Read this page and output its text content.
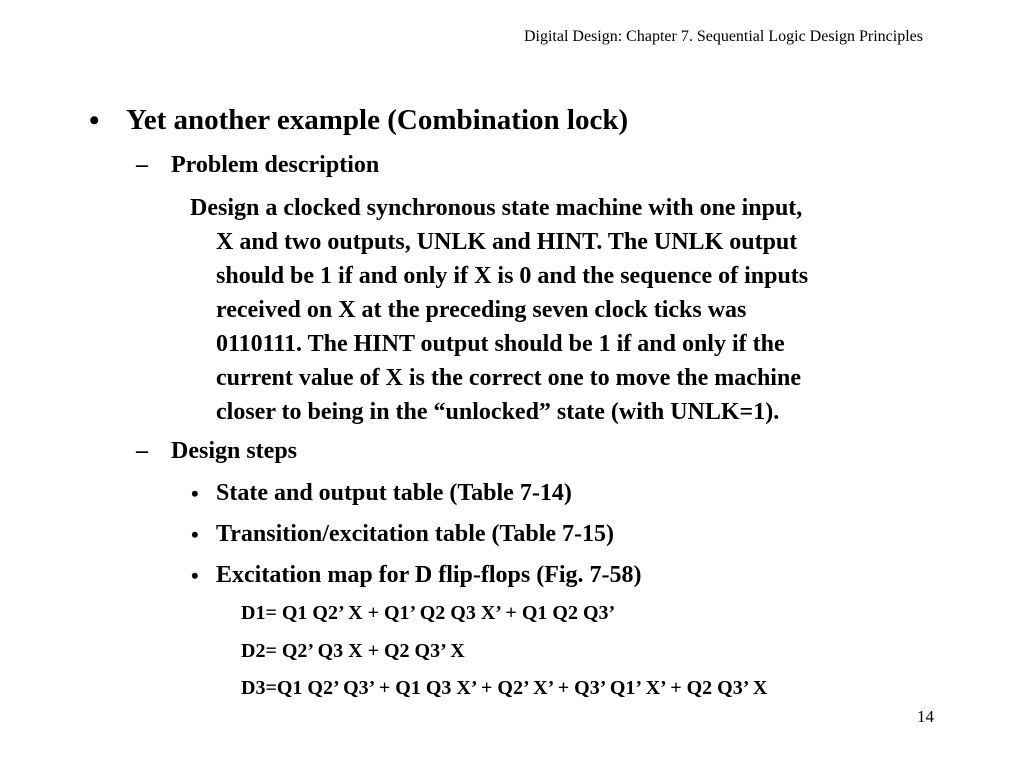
Digital Design: Chapter 7. Sequential Logic Design Principles
• Yet another example (Combination lock)
– Problem description
Design a clocked synchronous state machine with one input,
X and two outputs, UNLK and HINT. The UNLK output
should be 1 if and only if X is 0 and the sequence of inputs
received on X at the preceding seven clock ticks was
0110111. The HINT output should be 1 if and only if the
current value of X is the correct one to move the machine
closer to being in the “unlocked” state (with UNLK=1).
– Design steps
• State and output table (Table 7-14)
• Transition/excitation table (Table 7-15)
• Excitation map for D flip-flops (Fig. 7-58)
D1= Q1 Q2’ X + Q1’ Q2 Q3 X’ + Q1 Q2 Q3’
D2= Q2’ Q3 X + Q2 Q3’ X
D3=Q1 Q2’ Q3’ + Q1 Q3 X’ + Q2’ X’ + Q3’ Q1’ X’ + Q2 Q3’ X
14
